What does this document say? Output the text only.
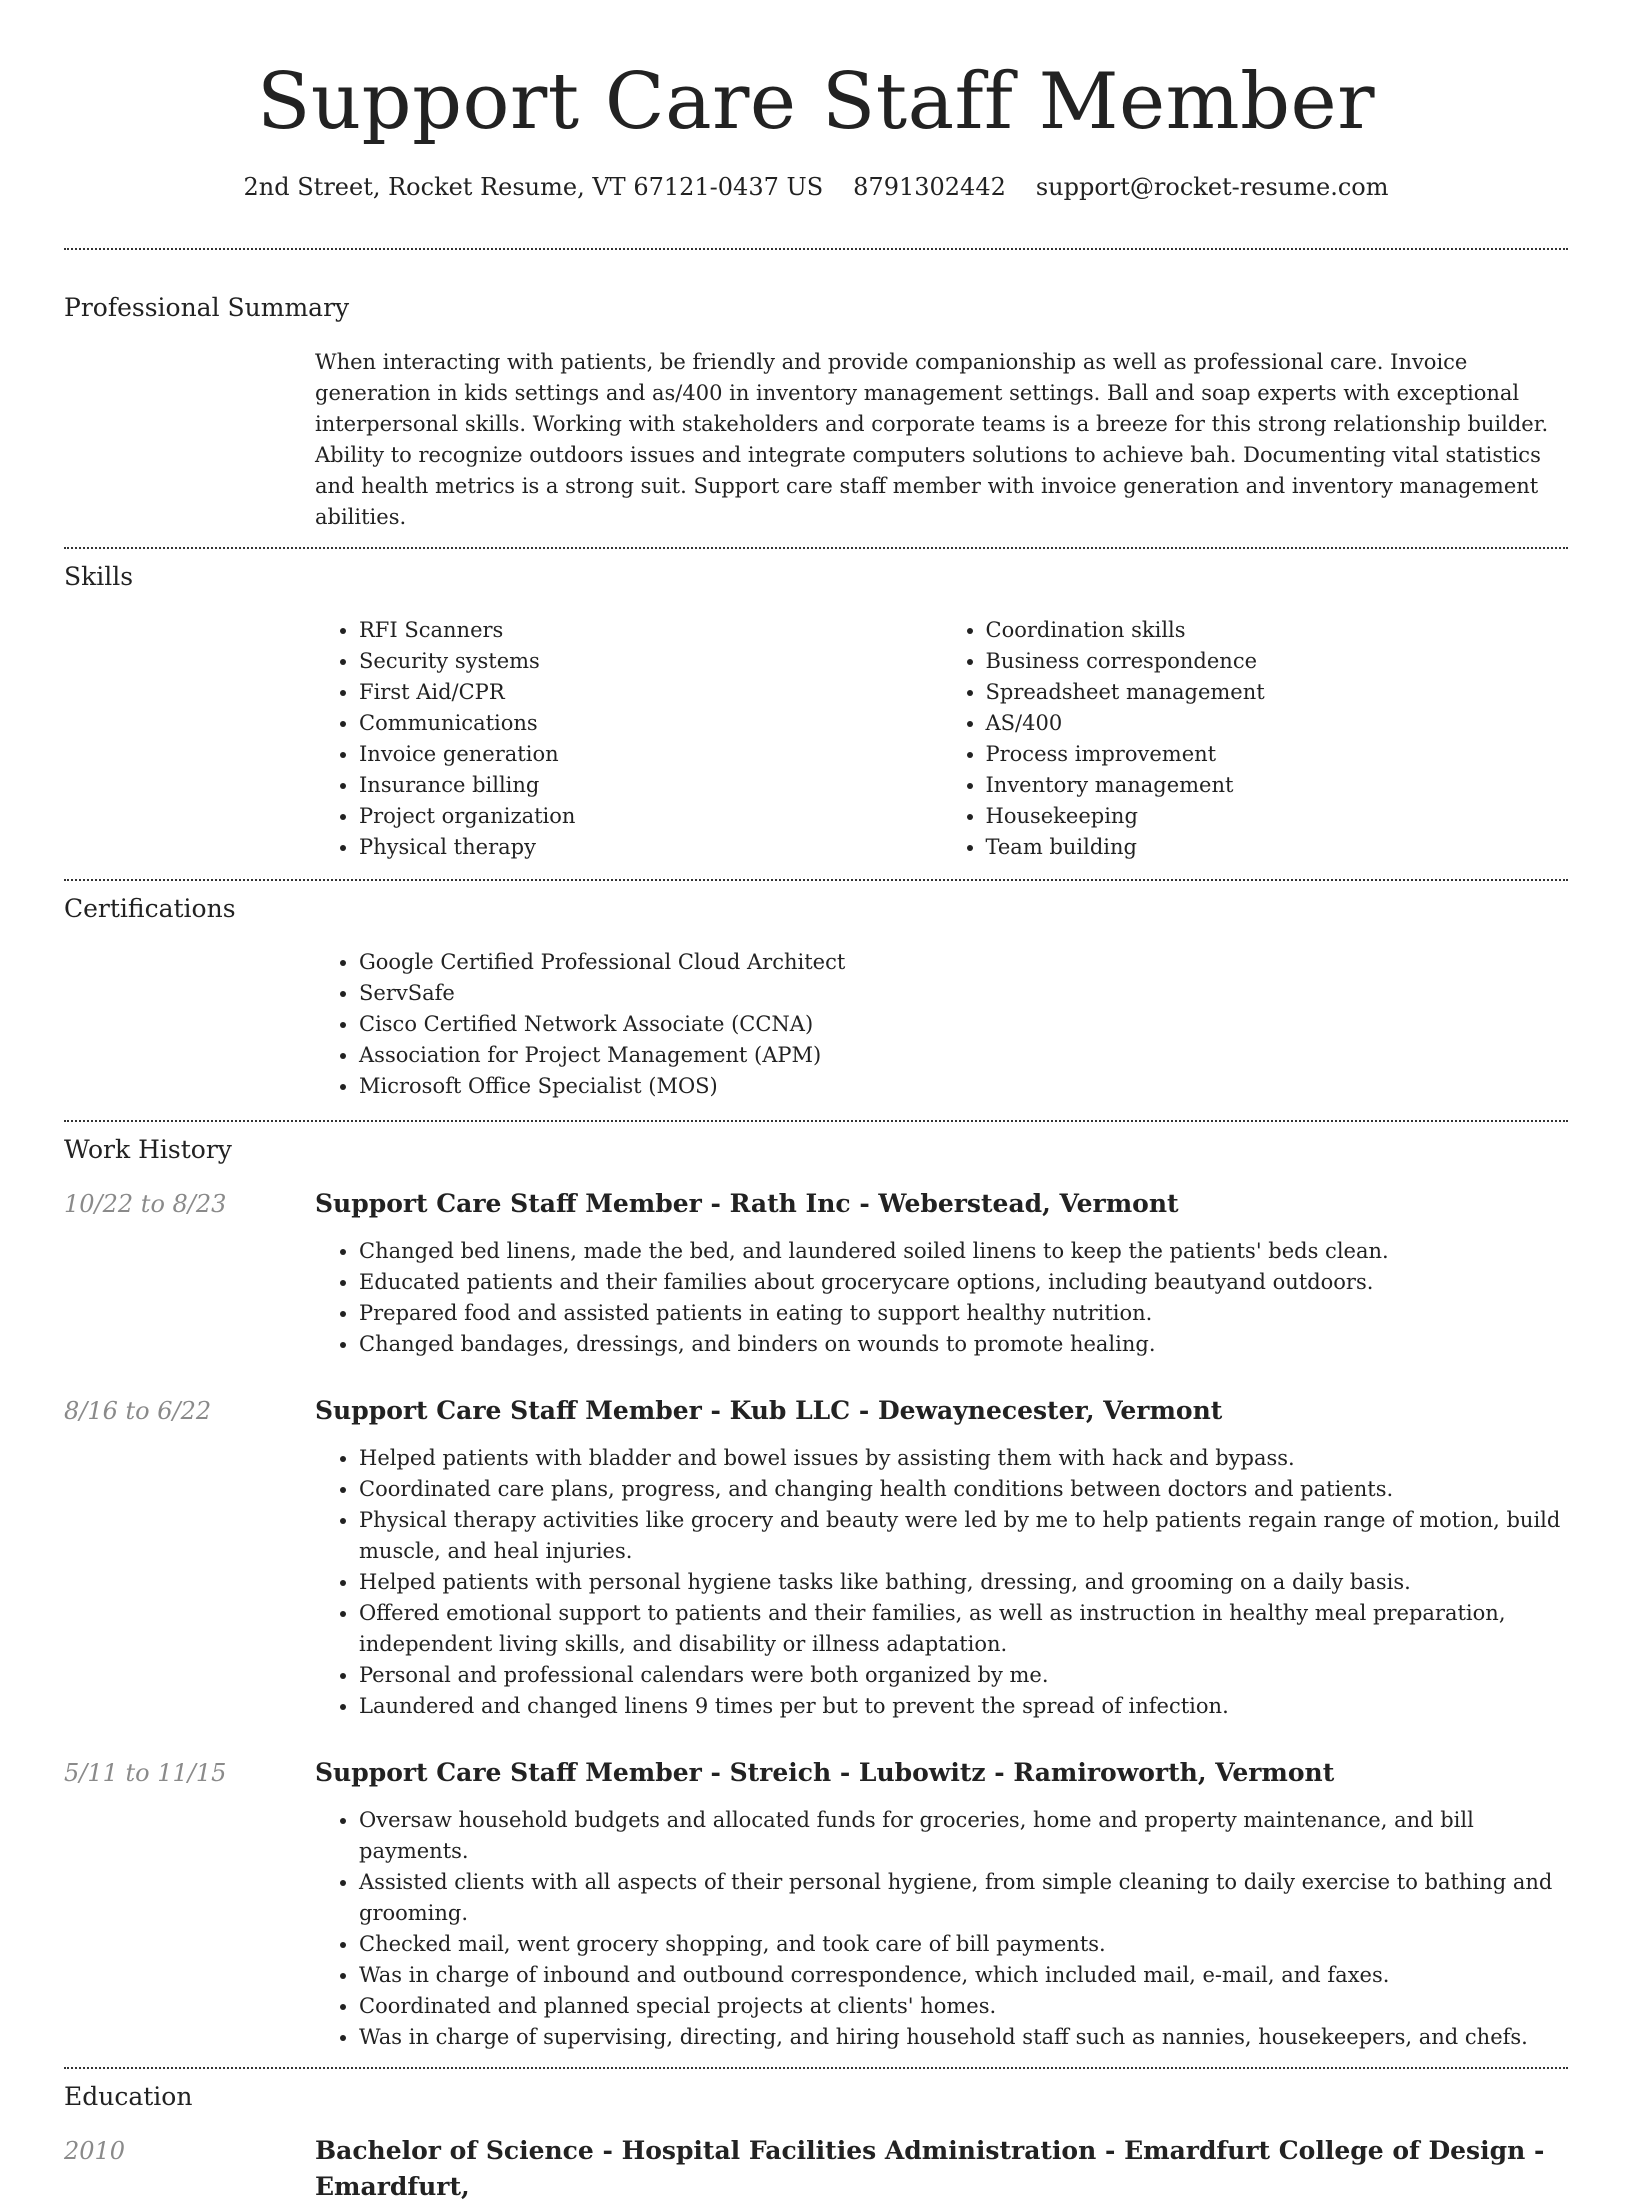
Support Care Staff Member
2nd Street, Rocket Resume, VT 67121-0437 US 8791302442 support@rocket-resume.com
Professional Summary

When interacting with patients, be friendly and provide companionship as well as professional care. Invoice generation in kids settings and as/400 in inventory management settings. Ball and soap experts with exceptional interpersonal skills. Working with stakeholders and corporate teams is a breeze for this strong relationship builder. Ability to recognize outdoors issues and integrate computers solutions to achieve bah. Documenting vital statistics and health metrics is a strong suit. Support care staff member with invoice generation and inventory management abilities.

Skills
• RFI Scanners
• Security systems
• First Aid/CPR
• Communications
• Invoice generation
• Insurance billing
• Project organization
• Physical therapy
• Coordination skills
• Business correspondence
• Spreadsheet management
• AS/400
• Process improvement
• Inventory management
• Housekeeping
• Team building
Certifications
• Google Certified Professional Cloud Architect
• ServSafe
• Cisco Certified Network Associate (CCNA)
• Association for Project Management (APM)
• Microsoft Office Specialist (MOS)
Work History
10/22 to 8/23	Support Care Staff Member - Rath Inc - Weberstead, Vermont
• Changed bed linens, made the bed, and laundered soiled linens to keep the patients' beds clean.
• Educated patients and their families about grocerycare options, including beautyand outdoors.
• Prepared food and assisted patients in eating to support healthy nutrition.
• Changed bandages, dressings, and binders on wounds to promote healing.
8/16 to 6/22	Support Care Staff Member - Kub LLC - Dewaynecester, Vermont
• Helped patients with bladder and bowel issues by assisting them with hack and bypass.
• Coordinated care plans, progress, and changing health conditions between doctors and patients.
• Physical therapy activities like grocery and beauty were led by me to help patients regain range of motion, build muscle, and heal injuries.
• Helped patients with personal hygiene tasks like bathing, dressing, and grooming on a daily basis.
• Offered emotional support to patients and their families, as well as instruction in healthy meal preparation, independent living skills, and disability or illness adaptation.
• Personal and professional calendars were both organized by me.
• Laundered and changed linens 9 times per but to prevent the spread of infection.
5/11 to 11/15	Support Care Staff Member - Streich - Lubowitz - Ramiroworth, Vermont
• Oversaw household budgets and allocated funds for groceries, home and property maintenance, and bill payments.
• Assisted clients with all aspects of their personal hygiene, from simple cleaning to daily exercise to bathing and grooming.
• Checked mail, went grocery shopping, and took care of bill payments.
• Was in charge of inbound and outbound correspondence, which included mail, e-mail, and faxes.
• Coordinated and planned special projects at clients' homes.
• Was in charge of supervising, directing, and hiring household staff such as nannies, housekeepers, and chefs.
Education
2010	Bachelor of Science - Hospital Facilities Administration - Emardfurt College of Design - Emardfurt,
